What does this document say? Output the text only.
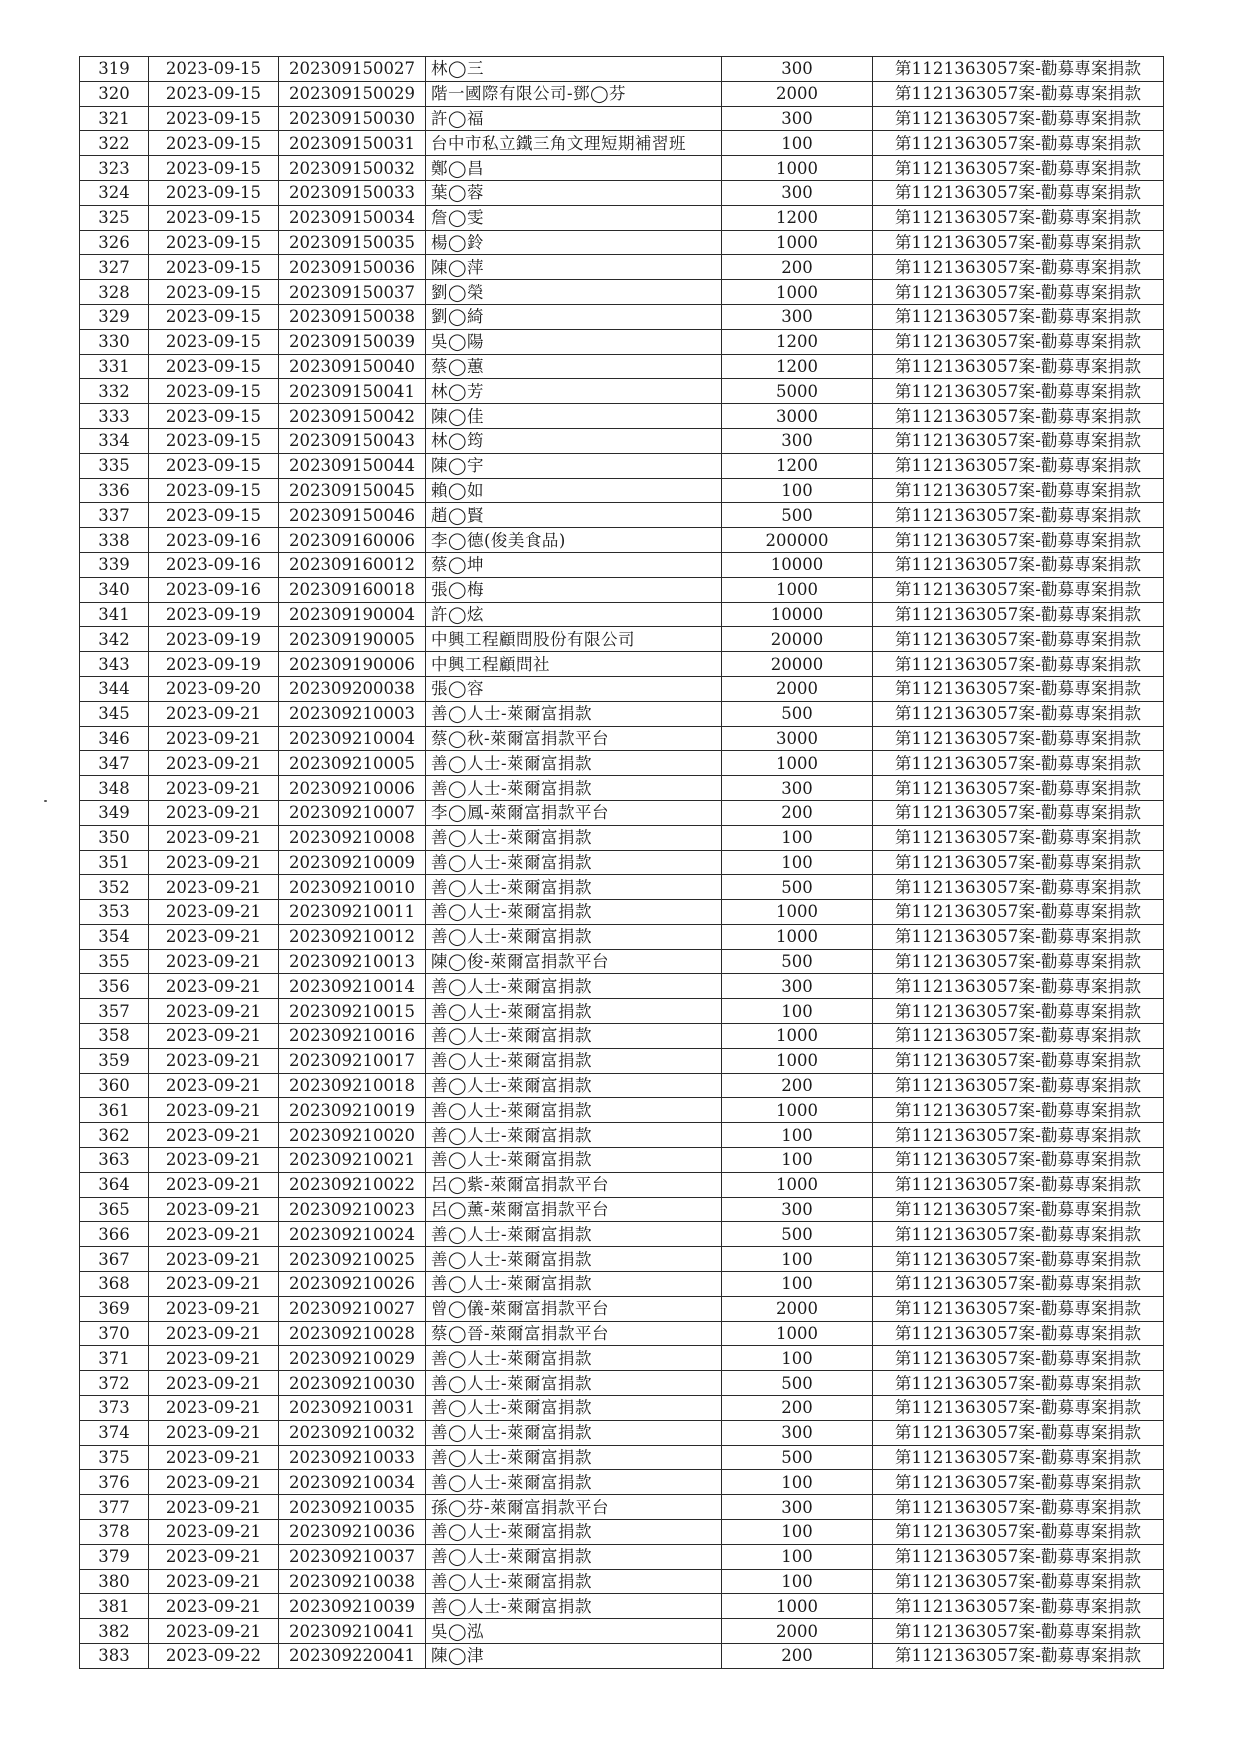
319	2023-09-15	202309150027	林◯三	300	第1121363057案-勸募專案捐款
320	2023-09-15	202309150029	階一國際有限公司-鄧◯芬	2000	第1121363057案-勸募專案捐款
321	2023-09-15	202309150030	許◯福	300	第1121363057案-勸募專案捐款
322	2023-09-15	202309150031	台中市私立鐵三角文理短期補習班	100	第1121363057案-勸募專案捐款
323	2023-09-15	202309150032	鄭◯昌	1000	第1121363057案-勸募專案捐款
324	2023-09-15	202309150033	葉◯蓉	300	第1121363057案-勸募專案捐款
325	2023-09-15	202309150034	詹◯雯	1200	第1121363057案-勸募專案捐款
326	2023-09-15	202309150035	楊◯鈴	1000	第1121363057案-勸募專案捐款
327	2023-09-15	202309150036	陳◯萍	200	第1121363057案-勸募專案捐款
328	2023-09-15	202309150037	劉◯榮	1000	第1121363057案-勸募專案捐款
329	2023-09-15	202309150038	劉◯綺	300	第1121363057案-勸募專案捐款
330	2023-09-15	202309150039	吳◯陽	1200	第1121363057案-勸募專案捐款
331	2023-09-15	202309150040	蔡◯蕙	1200	第1121363057案-勸募專案捐款
332	2023-09-15	202309150041	林◯芳	5000	第1121363057案-勸募專案捐款
333	2023-09-15	202309150042	陳◯佳	3000	第1121363057案-勸募專案捐款
334	2023-09-15	202309150043	林◯筠	300	第1121363057案-勸募專案捐款
335	2023-09-15	202309150044	陳◯宇	1200	第1121363057案-勸募專案捐款
336	2023-09-15	202309150045	賴◯如	100	第1121363057案-勸募專案捐款
337	2023-09-15	202309150046	趙◯賢	500	第1121363057案-勸募專案捐款
338	2023-09-16	202309160006	李◯德(俊美食品)	200000	第1121363057案-勸募專案捐款
339	2023-09-16	202309160012	蔡◯坤	10000	第1121363057案-勸募專案捐款
340	2023-09-16	202309160018	張◯梅	1000	第1121363057案-勸募專案捐款
341	2023-09-19	202309190004	許◯炫	10000	第1121363057案-勸募專案捐款
342	2023-09-19	202309190005	中興工程顧問股份有限公司	20000	第1121363057案-勸募專案捐款
343	2023-09-19	202309190006	中興工程顧問社	20000	第1121363057案-勸募專案捐款
344	2023-09-20	202309200038	張◯容	2000	第1121363057案-勸募專案捐款
345	2023-09-21	202309210003	善◯人士-萊爾富捐款	500	第1121363057案-勸募專案捐款
346	2023-09-21	202309210004	蔡◯秋-萊爾富捐款平台	3000	第1121363057案-勸募專案捐款
347	2023-09-21	202309210005	善◯人士-萊爾富捐款	1000	第1121363057案-勸募專案捐款
348	2023-09-21	202309210006	善◯人士-萊爾富捐款	300	第1121363057案-勸募專案捐款
349	2023-09-21	202309210007	李◯鳳-萊爾富捐款平台	200	第1121363057案-勸募專案捐款
350	2023-09-21	202309210008	善◯人士-萊爾富捐款	100	第1121363057案-勸募專案捐款
351	2023-09-21	202309210009	善◯人士-萊爾富捐款	100	第1121363057案-勸募專案捐款
352	2023-09-21	202309210010	善◯人士-萊爾富捐款	500	第1121363057案-勸募專案捐款
353	2023-09-21	202309210011	善◯人士-萊爾富捐款	1000	第1121363057案-勸募專案捐款
354	2023-09-21	202309210012	善◯人士-萊爾富捐款	1000	第1121363057案-勸募專案捐款
355	2023-09-21	202309210013	陳◯俊-萊爾富捐款平台	500	第1121363057案-勸募專案捐款
356	2023-09-21	202309210014	善◯人士-萊爾富捐款	300	第1121363057案-勸募專案捐款
357	2023-09-21	202309210015	善◯人士-萊爾富捐款	100	第1121363057案-勸募專案捐款
358	2023-09-21	202309210016	善◯人士-萊爾富捐款	1000	第1121363057案-勸募專案捐款
359	2023-09-21	202309210017	善◯人士-萊爾富捐款	1000	第1121363057案-勸募專案捐款
360	2023-09-21	202309210018	善◯人士-萊爾富捐款	200	第1121363057案-勸募專案捐款
361	2023-09-21	202309210019	善◯人士-萊爾富捐款	1000	第1121363057案-勸募專案捐款
362	2023-09-21	202309210020	善◯人士-萊爾富捐款	100	第1121363057案-勸募專案捐款
363	2023-09-21	202309210021	善◯人士-萊爾富捐款	100	第1121363057案-勸募專案捐款
364	2023-09-21	202309210022	呂◯紫-萊爾富捐款平台	1000	第1121363057案-勸募專案捐款
365	2023-09-21	202309210023	呂◯薰-萊爾富捐款平台	300	第1121363057案-勸募專案捐款
366	2023-09-21	202309210024	善◯人士-萊爾富捐款	500	第1121363057案-勸募專案捐款
367	2023-09-21	202309210025	善◯人士-萊爾富捐款	100	第1121363057案-勸募專案捐款
368	2023-09-21	202309210026	善◯人士-萊爾富捐款	100	第1121363057案-勸募專案捐款
369	2023-09-21	202309210027	曾◯儀-萊爾富捐款平台	2000	第1121363057案-勸募專案捐款
370	2023-09-21	202309210028	蔡◯晉-萊爾富捐款平台	1000	第1121363057案-勸募專案捐款
371	2023-09-21	202309210029	善◯人士-萊爾富捐款	100	第1121363057案-勸募專案捐款
372	2023-09-21	202309210030	善◯人士-萊爾富捐款	500	第1121363057案-勸募專案捐款
373	2023-09-21	202309210031	善◯人士-萊爾富捐款	200	第1121363057案-勸募專案捐款
374	2023-09-21	202309210032	善◯人士-萊爾富捐款	300	第1121363057案-勸募專案捐款
375	2023-09-21	202309210033	善◯人士-萊爾富捐款	500	第1121363057案-勸募專案捐款
376	2023-09-21	202309210034	善◯人士-萊爾富捐款	100	第1121363057案-勸募專案捐款
377	2023-09-21	202309210035	孫◯芬-萊爾富捐款平台	300	第1121363057案-勸募專案捐款
378	2023-09-21	202309210036	善◯人士-萊爾富捐款	100	第1121363057案-勸募專案捐款
379	2023-09-21	202309210037	善◯人士-萊爾富捐款	100	第1121363057案-勸募專案捐款
380	2023-09-21	202309210038	善◯人士-萊爾富捐款	100	第1121363057案-勸募專案捐款
381	2023-09-21	202309210039	善◯人士-萊爾富捐款	1000	第1121363057案-勸募專案捐款
382	2023-09-21	202309210041	吳◯泓	2000	第1121363057案-勸募專案捐款
383	2023-09-22	202309220041	陳◯津	200	第1121363057案-勸募專案捐款
